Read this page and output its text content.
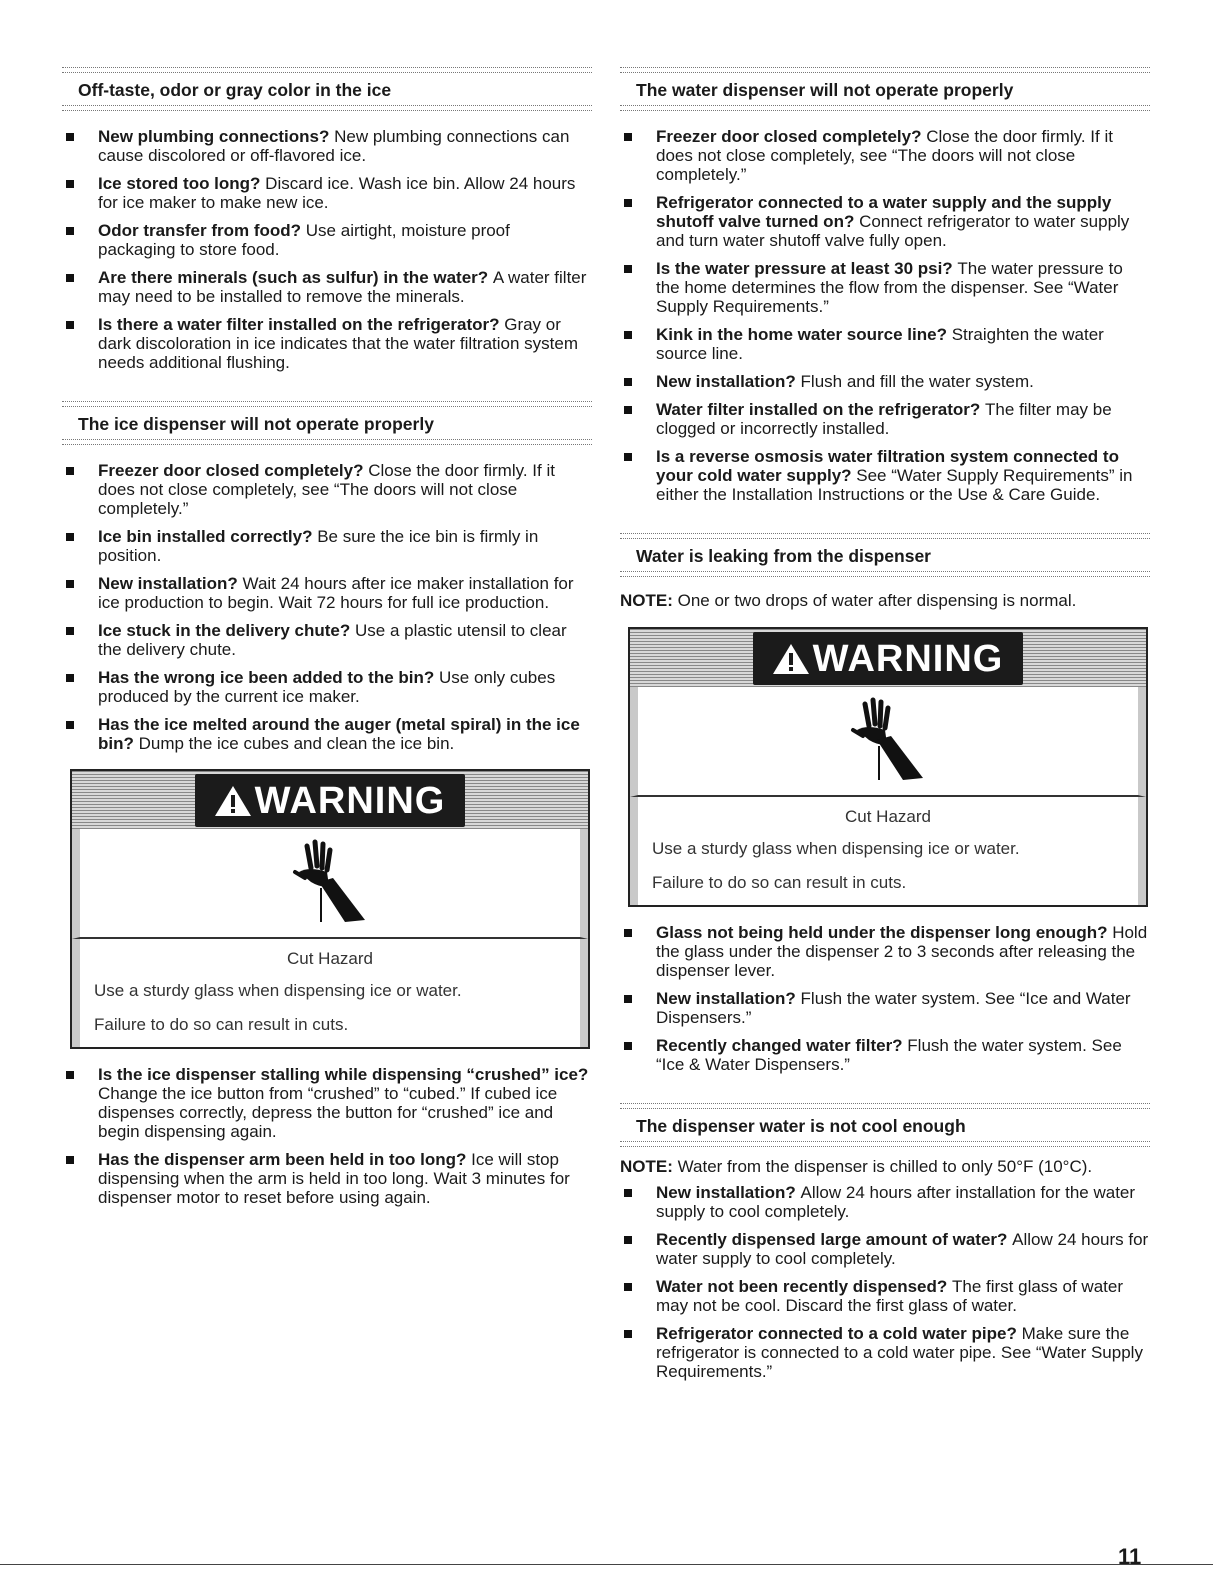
Off-taste, odor or gray color in the ice
New plumbing connections? New plumbing connections can cause discolored or off-flavored ice.
Ice stored too long? Discard ice. Wash ice bin. Allow 24 hours for ice maker to make new ice.
Odor transfer from food? Use airtight, moisture proof packaging to store food.
Are there minerals (such as sulfur) in the water? A water filter may need to be installed to remove the minerals.
Is there a water filter installed on the refrigerator? Gray or dark discoloration in ice indicates that the water filtration system needs additional flushing.
The ice dispenser will not operate properly
Freezer door closed completely? Close the door firmly. If it does not close completely, see “The doors will not close completely.”
Ice bin installed correctly? Be sure the ice bin is firmly in position.
New installation? Wait 24 hours after ice maker installation for ice production to begin. Wait 72 hours for full ice production.
Ice stuck in the delivery chute? Use a plastic utensil to clear the delivery chute.
Has the wrong ice been added to the bin? Use only cubes produced by the current ice maker.
Has the ice melted around the auger (metal spiral) in the ice bin? Dump the ice cubes and clean the ice bin.
WARNING

Cut Hazard

Use a sturdy glass when dispensing ice or water.

Failure to do so can result in cuts.

Is the ice dispenser stalling while dispensing “crushed” ice? Change the ice button from “crushed” to “cubed.” If cubed ice dispenses correctly, depress the button for “crushed” ice and begin dispensing again.
Has the dispenser arm been held in too long? Ice will stop dispensing when the arm is held in too long. Wait 3 minutes for dispenser motor to reset before using again.
The water dispenser will not operate properly
Freezer door closed completely? Close the door firmly. If it does not close completely, see “The doors will not close completely.”
Refrigerator connected to a water supply and the supply shutoff valve turned on? Connect refrigerator to water supply and turn water shutoff valve fully open.
Is the water pressure at least 30 psi? The water pressure to the home determines the flow from the dispenser. See “Water Supply Requirements.”
Kink in the home water source line? Straighten the water source line.
New installation? Flush and fill the water system.
Water filter installed on the refrigerator? The filter may be clogged or incorrectly installed.
Is a reverse osmosis water filtration system connected to your cold water supply? See “Water Supply Requirements” in either the Installation Instructions or the Use & Care Guide.
Water is leaking from the dispenser

NOTE: One or two drops of water after dispensing is normal.

WARNING

Cut Hazard

Use a sturdy glass when dispensing ice or water.

Failure to do so can result in cuts.

Glass not being held under the dispenser long enough? Hold the glass under the dispenser 2 to 3 seconds after releasing the dispenser lever.
New installation? Flush the water system. See “Ice and Water Dispensers.”
Recently changed water filter? Flush the water system. See “Ice & Water Dispensers.”
The dispenser water is not cool enough

NOTE: Water from the dispenser is chilled to only 50°F (10°C).

New installation? Allow 24 hours after installation for the water supply to cool completely.
Recently dispensed large amount of water? Allow 24 hours for water supply to cool completely.
Water not been recently dispensed? The first glass of water may not be cool. Discard the first glass of water.
Refrigerator connected to a cold water pipe? Make sure the refrigerator is connected to a cold water pipe. See “Water Supply Requirements.”
11
